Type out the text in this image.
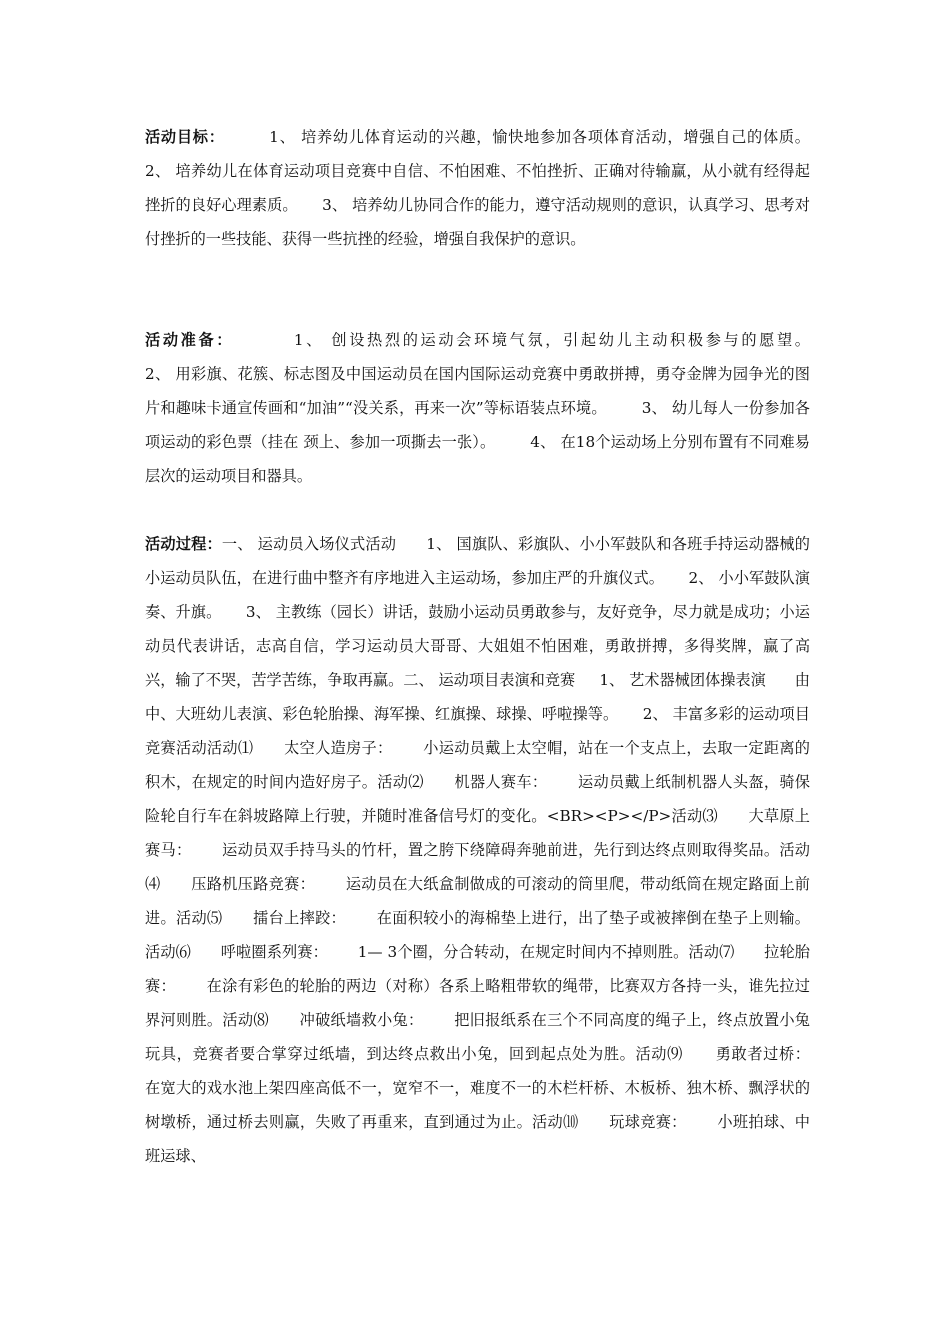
活动目标：        1、 培养幼儿体育运动的兴趣，愉快地参加各项体育活动，增强自己的体质。     2、 培养幼儿在体育运动项目竞赛中自信、不怕困难、不怕挫折、正确对待输赢，从小就有经得起挫折的良好心理素质。     3、 培养幼儿协同合作的能力，遵守活动规则的意识，认真学习、思考对付挫折的一些技能、获得一些抗挫的经验，增强自我保护的意识。
活动准备：        1、 创设热烈的运动会环境气氛，引起幼儿主动积极参与的愿望。                      2、 用彩旗、花簇、标志图及中国运动员在国内国际运动竞赛中勇敢拼搏，勇夺金牌为园争光的图片和趣味卡通宣传画和“加油”“没关系，再来一次”等标语装点环境。       3、 幼儿每人一份参加各项运动的彩色票（挂在 颈上、参加一项撕去一张）。       4、 在18个运动场上分别布置有不同难易层次的运动项目和器具。
活动过程：一、 运动员入场仪式活动      1、 国旗队、彩旗队、小小军鼓队和各班手持运动器械的小运动员队伍，在进行曲中整齐有序地进入主运动场，参加庄严的升旗仪式。     2、 小小军鼓队演奏、升旗。     3、 主教练（园长）讲话，鼓励小运动员勇敢参与，友好竞争，尽力就是成功；小运动员代表讲话，志高自信，学习运动员大哥哥、大姐姐不怕困难，勇敢拼搏，多得奖牌，赢了高兴，输了不哭，苦学苦练，争取再赢。二、 运动项目表演和竞赛     1、 艺术器械团体操表演      由中、大班幼儿表演、彩色轮胎操、海军操、红旗操、球操、呼啦操等。     2、 丰富多彩的运动项目竞赛活动活动⑴      太空人造房子：      小运动员戴上太空帽，站在一个支点上，去取一定距离的积木，在规定的时间内造好房子。活动⑵      机器人赛车：      运动员戴上纸制机器人头盔，骑保险轮自行车在斜坡路障上行驶，并随时准备信号灯的变化。<BR><P></P>活动⑶      大草原上赛马：      运动员双手持马头的竹杆，置之胯下绕障碍奔驰前进，先行到达终点则取得奖品。活动⑷      压路机压路竞赛：      运动员在大纸盒制做成的可滚动的筒里爬，带动纸筒在规定路面上前进。活动⑸      擂台上摔跤：      在面积较小的海棉垫上进行，出了垫子或被摔倒在垫子上则输。活动⑹      呼啦圈系列赛：      1— 3个圈，分合转动，在规定时间内不掉则胜。活动⑺      拉轮胎赛：      在涂有彩色的轮胎的两边（对称）各系上略粗带软的绳带，比赛双方各持一头，谁先拉过界河则胜。活动⑻      冲破纸墙救小兔：      把旧报纸系在三个不同高度的绳子上，终点放置小兔玩具，竞赛者要合掌穿过纸墙，到达终点救出小兔，回到起点处为胜。活动⑼      勇敢者过桥：      在宽大的戏水池上架四座高低不一，宽窄不一，难度不一的木栏杆桥、木板桥、独木桥、飘浮状的树墩桥，通过桥去则赢，失败了再重来，直到通过为止。活动⑽      玩球竞赛：      小班拍球、中班运球、
